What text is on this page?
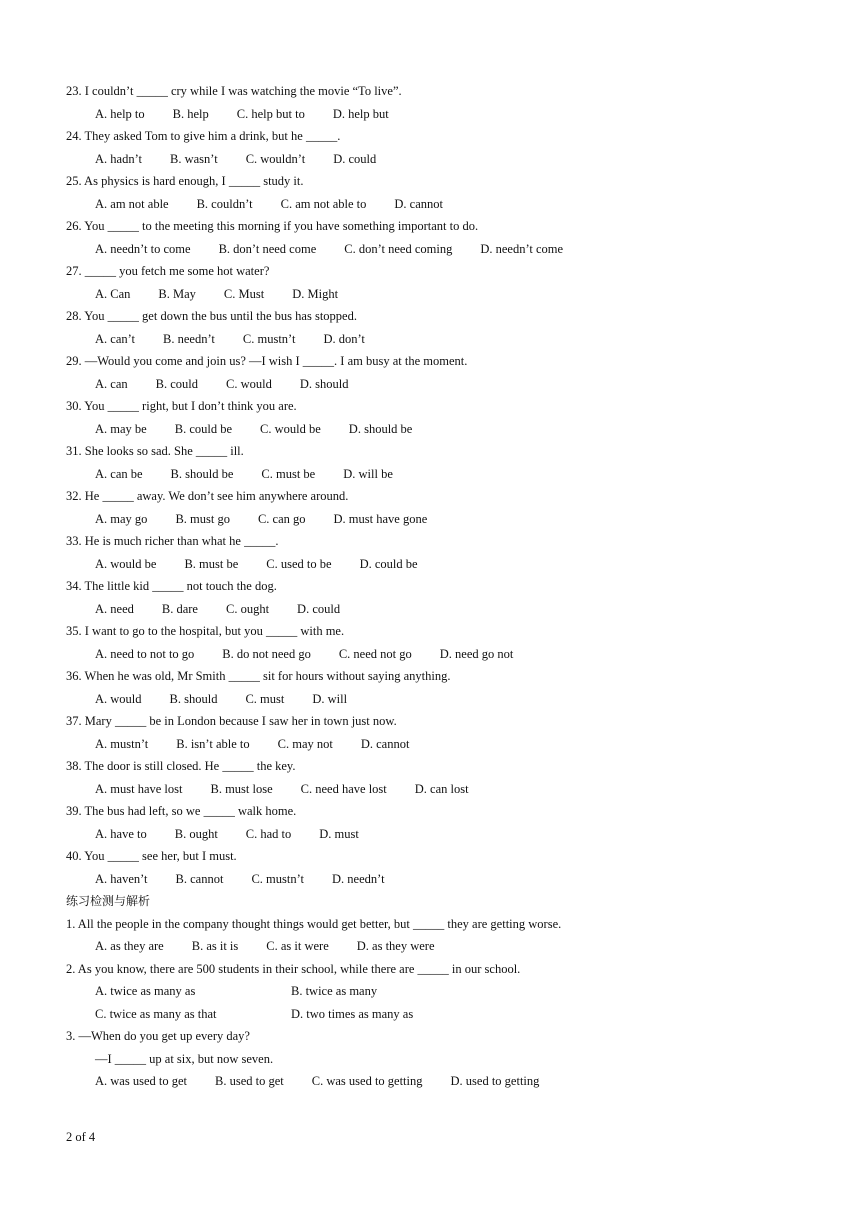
23. I couldn’t _____ cry while I was watching the movie “To live”.
A. help to B. help C. help but to D. help but
24. They asked Tom to give him a drink, but he _____.
A. hadn’t B. wasn’t C. wouldn’t D. could
25. As physics is hard enough, I _____ study it.
A. am not able B. couldn’t C. am not able to D. cannot
26. You _____ to the meeting this morning if you have something important to do.
A. needn’t to come B. don’t need come C. don’t need coming D. needn’t come
27. _____ you fetch me some hot water?
A. Can B. May C. Must D. Might
28. You _____ get down the bus until the bus has stopped.
A. can’t B. needn’t C. mustn’t D. don’t
29. —Would you come and join us? —I wish I _____. I am busy at the moment.
A. can B. could C. would D. should
30. You _____ right, but I don’t think you are.
A. may be B. could be C. would be D. should be
31. She looks so sad. She _____ ill.
A. can be B. should be C. must be D. will be
32. He _____ away. We don’t see him anywhere around.
A. may go B. must go C. can go D. must have gone
33. He is much richer than what he _____.
A. would be B. must be C. used to be D. could be
34. The little kid _____ not touch the dog.
A. need B. dare C. ought D. could
35. I want to go to the hospital, but you _____ with me.
A. need to not to go B. do not need go C. need not go D. need go not
36. When he was old, Mr Smith _____ sit for hours without saying anything.
A. would B. should C. must D. will
37. Mary _____ be in London because I saw her in town just now.
A. mustn’t B. isn’t able to C. may not D. cannot
38. The door is still closed. He _____ the key.
A. must have lost B. must lose C. need have lost D. can lost
39. The bus had left, so we _____ walk home.
A. have to B. ought C. had to D. must
40. You _____ see her, but I must.
A. haven’t B. cannot C. mustn’t D. needn’t
练习检测与解析
1. All the people in the company thought things would get better, but _____ they are getting worse.
A. as they are B. as it is C. as it were D. as they were
2. As you know, there are 500 students in their school, while there are _____ in our school.
A. twice as many as	B. twice as many
C. twice as many as that	D. two times as many as
3. —When do you get up every day?
—I _____ up at six, but now seven.
A. was used to get B. used to get C. was used to getting D. used to getting
2 of 4
